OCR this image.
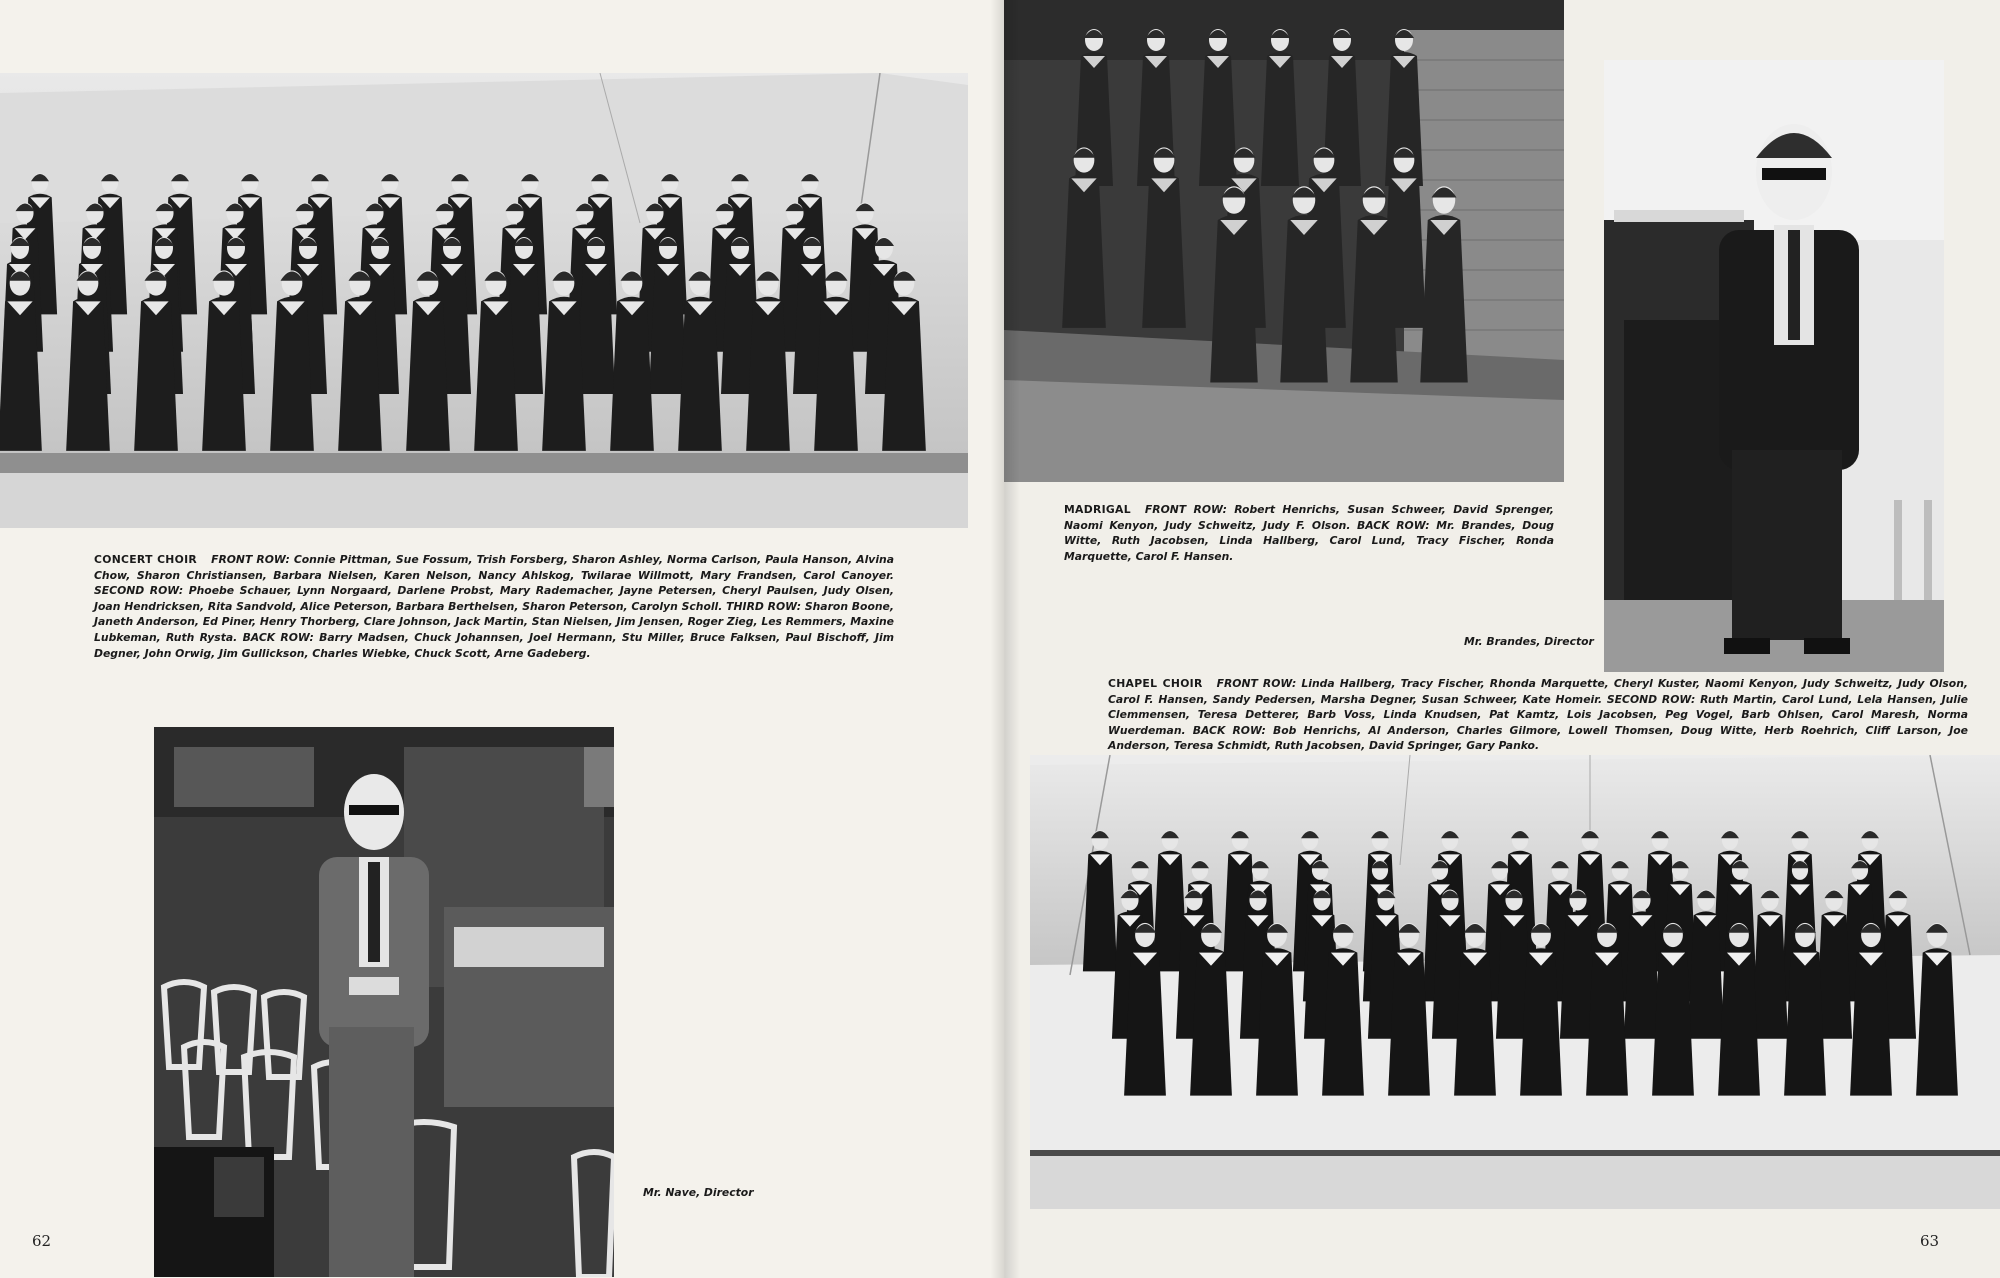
CONCERT CHOIR FRONT ROW: Connie Pittman, Sue Fossum, Trish Forsberg, Sharon Ashley, Norma Carlson, Paula Hanson, Alvina Chow, Sharon Christiansen, Barbara Nielsen, Karen Nelson, Nancy Ahlskog, Twilarae Willmott, Mary Frandsen, Carol Canoyer. SECOND ROW: Phoebe Schauer, Lynn Norgaard, Darlene Probst, Mary Rademacher, Jayne Petersen, Cheryl Paulsen, Judy Olsen, Joan Hendricksen, Rita Sandvold, Alice Peterson, Barbara Berthelsen, Sharon Peterson, Carolyn Scholl. THIRD ROW: Sharon Boone, Janeth Anderson, Ed Piner, Henry Thorberg, Clare Johnson, Jack Martin, Stan Nielsen, Jim Jensen, Roger Zieg, Les Remmers, Maxine Lubkeman, Ruth Rysta. BACK ROW: Barry Madsen, Chuck Johannsen, Joel Hermann, Stu Miller, Bruce Falksen, Paul Bischoff, Jim Degner, John Orwig, Jim Gullickson, Charles Wiebke, Chuck Scott, Arne Gadeberg.
Mr. Nave, Director
62
MADRIGAL FRONT ROW: Robert Henrichs, Susan Schweer, David Sprenger, Naomi Kenyon, Judy Schweitz, Judy F. Olson. BACK ROW: Mr. Brandes, Doug Witte, Ruth Jacobsen, Linda Hallberg, Carol Lund, Tracy Fischer, Ronda Marquette, Carol F. Hansen.
Mr. Brandes, Director
CHAPEL CHOIR FRONT ROW: Linda Hallberg, Tracy Fischer, Rhonda Marquette, Cheryl Kuster, Naomi Kenyon, Judy Schweitz, Judy Olson, Carol F. Hansen, Sandy Pedersen, Marsha Degner, Susan Schweer, Kate Homeir. SECOND ROW: Ruth Martin, Carol Lund, Lela Hansen, Julie Clemmensen, Teresa Detterer, Barb Voss, Linda Knudsen, Pat Kamtz, Lois Jacobsen, Peg Vogel, Barb Ohlsen, Carol Maresh, Norma Wuerdeman. BACK ROW: Bob Henrichs, Al Anderson, Charles Gilmore, Lowell Thomsen, Doug Witte, Herb Roehrich, Cliff Larson, Joe Anderson, Teresa Schmidt, Ruth Jacobsen, David Springer, Gary Panko.
63
